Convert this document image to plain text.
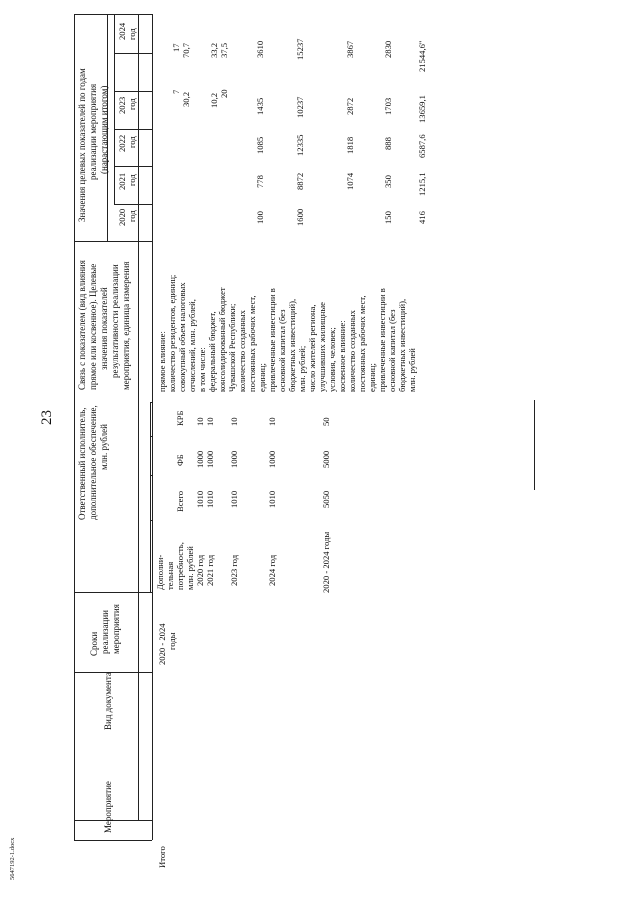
23
5647192-1.docx
Мероприятие
Вид документа
Сроки реализации мероприятия
Ответственный исполнитель, дополнительное обеспечение, млн. рублей
Связь с показателем (вид влияния прямое или косвенное). Целевые значения показателей результативности реализации мероприятия, единица измерения
Значения целевых показателей по годам реализации мероприятия (нарастающим итогом)
2020 год
2021 год
2022 год
2023 год
2024 год
Дополни- тельная потребность, млн. рублей
Всего
ФБ
КРБ
Итого
2020 - 2024 годы
2020 год
1010
1000
10
2021 год
1010
1000
10
2023 год
1010
1000
10
2024 год
1010
1000
10
2020 - 2024 годы
5050
5000
50
прямое влияние: количество резидентов, единиц; совокупный объем налоговых отчислений, млн. рублей, в том числе: федеральный бюджет, консолидированный бюджет Чувашской Республики; количество созданных постоянных рабочих мест, единиц; привлеченные инвестиции в основной капитал (без бюджетных инвестиций), млн. рублей; число жителей региона, улучшивших жилищные условия, человек; косвенное влияние: количество созданных постоянных рабочих мест, единиц; привлеченные инвестиции в основной капитал (без бюджетных инвестиций), млн. рублей
7
17
30,2
70,7
10,2
33,2
20
37,5
100
778
1085
1435
3610
1600
8872
12335
10237
15237
1074
1818
2872
3867
150
350
888
1703
2830
416
1215,1
6587,6
13659,1
21544,6"
